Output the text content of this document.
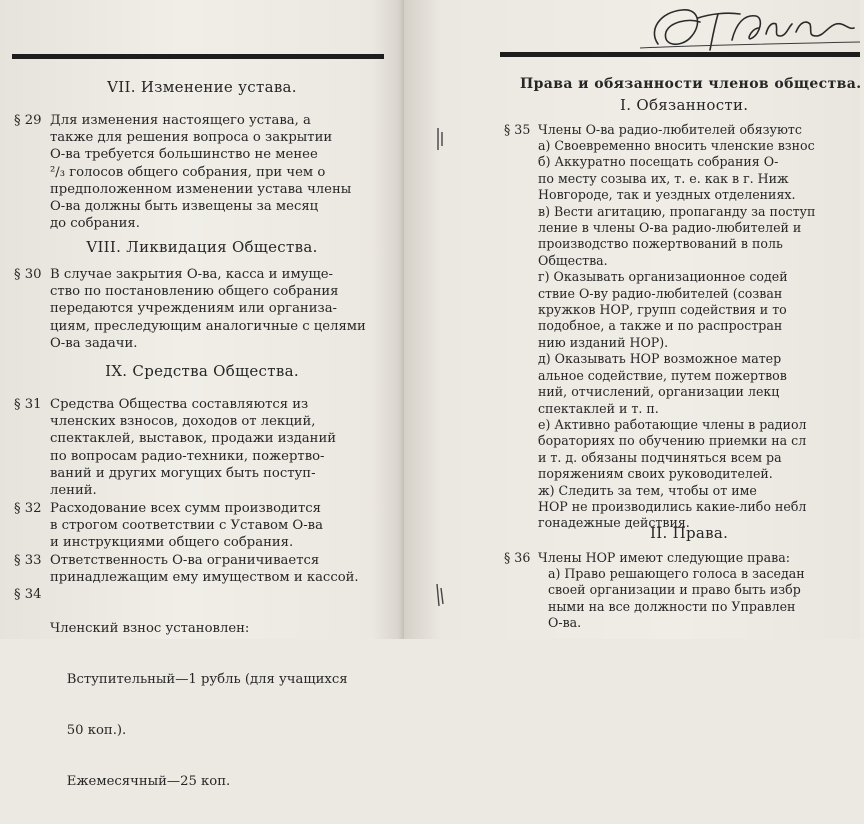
VII. Изменение устава.
§ 29 Для изменения настоящего устава, а
также для решения вопроса о закрытии
О-ва требуется большинство не менее
²/₃ голосов общего собрания, при чем о
предположенном изменении устава члены
О-ва должны быть извещены за месяц
до собрания.
VIII. Ликвидация Общества.
§ 30 В случае закрытия О-ва, касса и имуще-
ство по постановлению общего собрания
передаются учреждениям или организа-
циям, преследующим аналогичные с целями
О-ва задачи.
IX. Средства Общества.
§ 31 Средства Общества составляются из
членских взносов, доходов от лекций,
спектаклей, выставок, продажи изданий
по вопросам радио-техники, пожертво-
ваний и других могущих быть поступ-
лений.
§ 32 Расходование всех сумм производится
в строгом соответствии с Уставом О-ва
и инструкциями общего собрания.
§ 33 Ответственность О-ва ограничивается
принадлежащим ему имуществом и кассой.
§ 34

Членский взнос установлен:

Вступительный—1 рубль (для учащихся

50 коп.).

Ежемесячный—25 коп.

Права и обязанности членов общества.
I. Обязанности.
§ 35 Члены О-ва радио-любителей обязуютс
а) Своевременно вносить членские взнос
б) Аккуратно посещать собрания О-
по месту созыва их, т. е. как в г. Ниж
Новгороде, так и уездных отделениях.
в) Вести агитацию, пропаганду за поступ
ление в члены О-ва радио-любителей и
производство пожертвований в поль
Общества.
г) Оказывать организационное содей
ствие О-ву радио-любителей (созван
кружков НОР, групп содействия и то
подобное, а также и по распростран
нию изданий НОР).
д) Оказывать НОР возможное матер
альное содействие, путем пожертвов
ний, отчислений, организации лекц
спектаклей и т. п.
е) Активно работающие члены в радиол
бораториях по обучению приемки на сл
и т. д. обязаны подчиняться всем ра
поряжениям своих руководителей.
ж) Следить за тем, чтобы от име
НОР не производились какие-либо небл
гонадежные действия.
II. Права.
§ 36 Члены НОР имеют следующие права:
а) Право решающего голоса в заседан
своей организации и право быть избр
ными на все должности по Управлен
О-ва.
